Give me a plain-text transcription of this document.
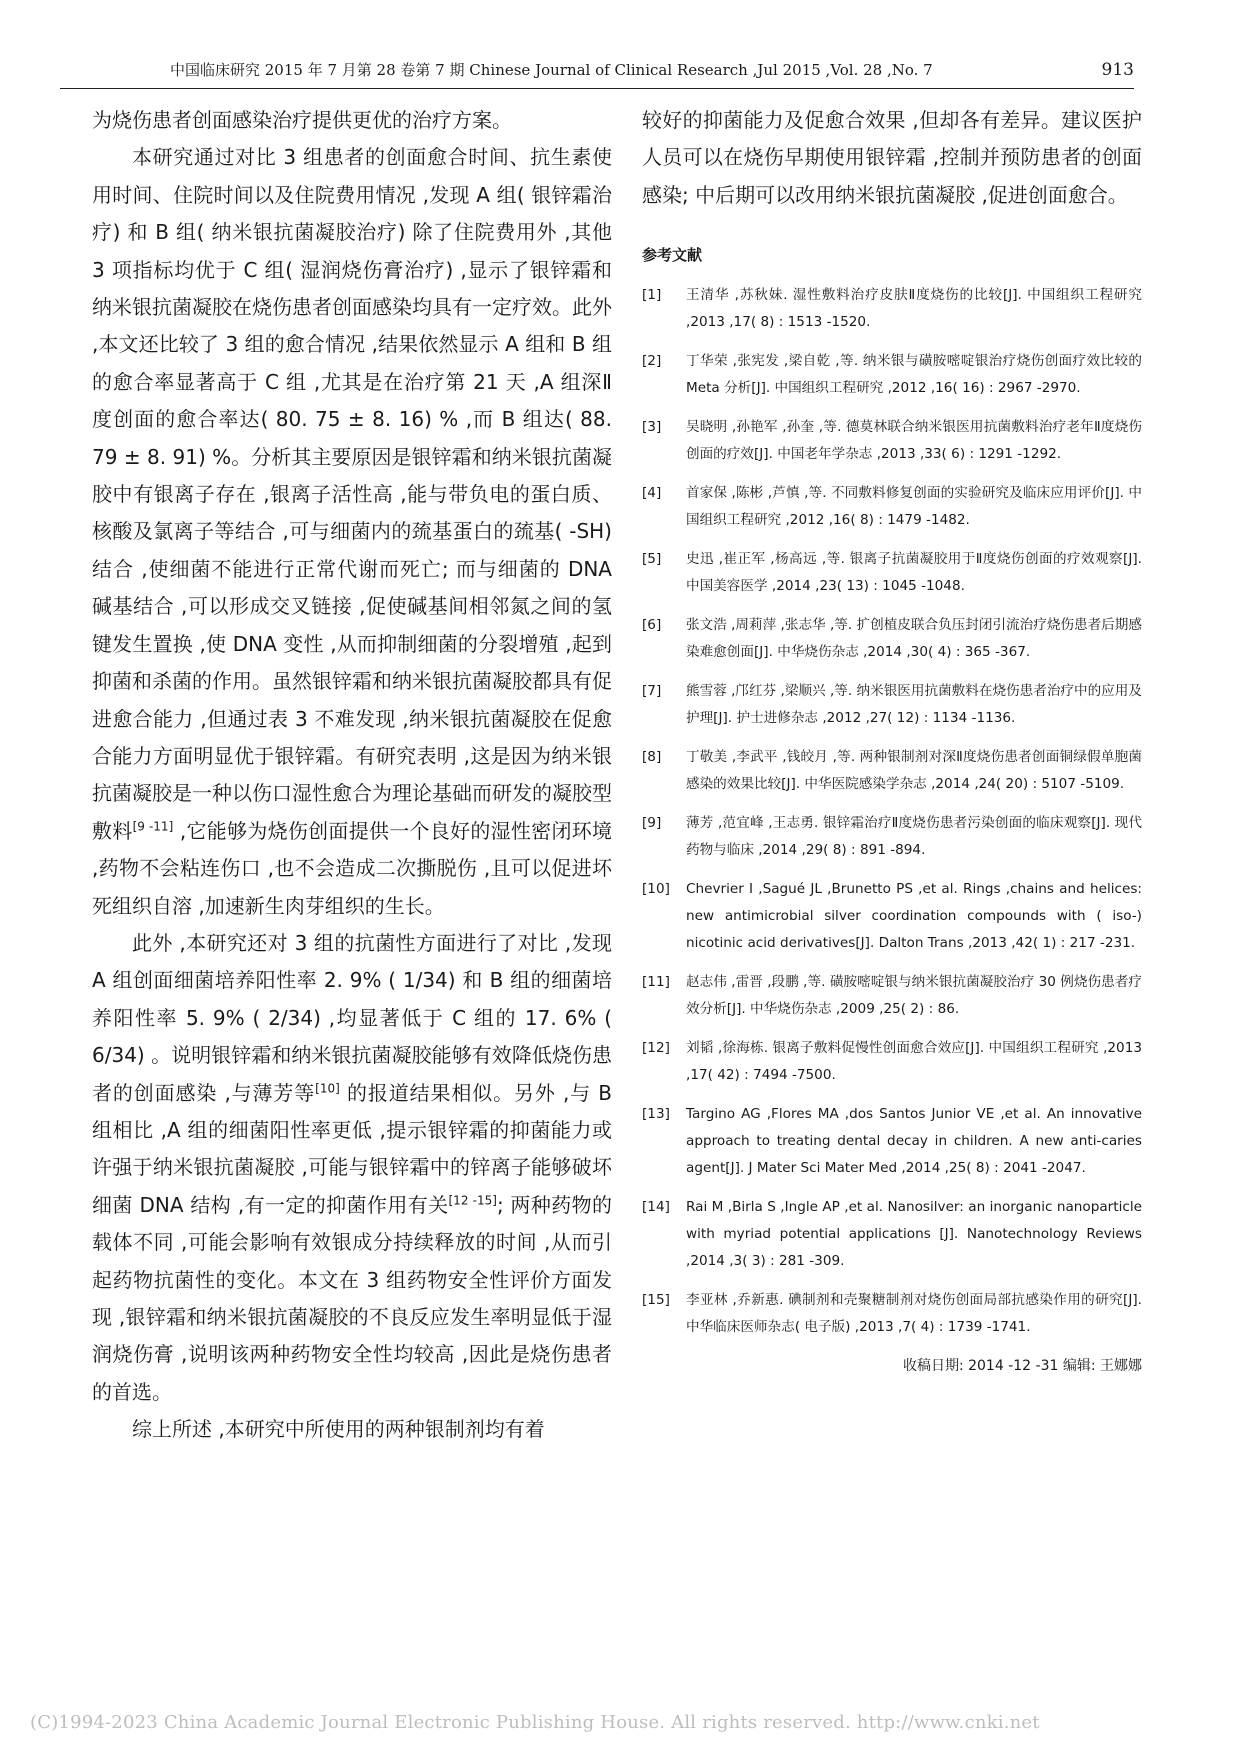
中国临床研究 2015 年 7 月第 28 卷第 7 期 Chinese Journal of Clinical Research ,Jul 2015 ,Vol. 28 ,No. 7	913

为烧伤患者创面感染治疗提供更优的治疗方案。

本研究通过对比 3 组患者的创面愈合时间、抗生素使用时间、住院时间以及住院费用情况 ,发现 A 组( 银锌霜治疗) 和 B 组( 纳米银抗菌凝胶治疗) 除了住院费用外 ,其他 3 项指标均优于 C 组( 湿润烧伤膏治疗) ,显示了银锌霜和纳米银抗菌凝胶在烧伤患者创面感染均具有一定疗效。此外 ,本文还比较了 3 组的愈合情况 ,结果依然显示 A 组和 B 组的愈合率显著高于 C 组 ,尤其是在治疗第 21 天 ,A 组深Ⅱ度创面的愈合率达( 80. 75 ± 8. 16) % ,而 B 组达( 88. 79 ± 8. 91) %。分析其主要原因是银锌霜和纳米银抗菌凝胶中有银离子存在 ,银离子活性高 ,能与带负电的蛋白质、核酸及氯离子等结合 ,可与细菌内的巯基蛋白的巯基( -SH) 结合 ,使细菌不能进行正常代谢而死亡; 而与细菌的 DNA 碱基结合 ,可以形成交叉链接 ,促使碱基间相邻氮之间的氢键发生置换 ,使 DNA 变性 ,从而抑制细菌的分裂增殖 ,起到抑菌和杀菌的作用。虽然银锌霜和纳米银抗菌凝胶都具有促进愈合能力 ,但通过表 3 不难发现 ,纳米银抗菌凝胶在促愈合能力方面明显优于银锌霜。有研究表明 ,这是因为纳米银抗菌凝胶是一种以伤口湿性愈合为理论基础而研发的凝胶型敷料[9 -11] ,它能够为烧伤创面提供一个良好的湿性密闭环境 ,药物不会粘连伤口 ,也不会造成二次撕脱伤 ,且可以促进坏死组织自溶 ,加速新生肉芽组织的生长。

此外 ,本研究还对 3 组的抗菌性方面进行了对比 ,发现 A 组创面细菌培养阳性率 2. 9% ( 1/34) 和 B 组的细菌培养阳性率 5. 9% ( 2/34) ,均显著低于 C 组的 17. 6% ( 6/34) 。说明银锌霜和纳米银抗菌凝胶能够有效降低烧伤患者的创面感染 ,与薄芳等[10] 的报道结果相似。另外 ,与 B 组相比 ,A 组的细菌阳性率更低 ,提示银锌霜的抑菌能力或许强于纳米银抗菌凝胶 ,可能与银锌霜中的锌离子能够破坏细菌 DNA 结构 ,有一定的抑菌作用有关[12 -15]; 两种药物的载体不同 ,可能会影响有效银成分持续释放的时间 ,从而引起药物抗菌性的变化。本文在 3 组药物安全性评价方面发现 ,银锌霜和纳米银抗菌凝胶的不良反应发生率明显低于湿润烧伤膏 ,说明该两种药物安全性均较高 ,因此是烧伤患者的首选。

综上所述 ,本研究中所使用的两种银制剂均有着

较好的抑菌能力及促愈合效果 ,但却各有差异。建议医护人员可以在烧伤早期使用银锌霜 ,控制并预防患者的创面感染; 中后期可以改用纳米银抗菌凝胶 ,促进创面愈合。

参考文献
[1] 王清华 ,苏秋妹. 湿性敷料治疗皮肤Ⅱ度烧伤的比较[J]. 中国组织工程研究 ,2013 ,17( 8) : 1513 -1520.
[2] 丁华荣 ,张宪发 ,梁自乾 ,等. 纳米银与磺胺嘧啶银治疗烧伤创面疗效比较的 Meta 分析[J]. 中国组织工程研究 ,2012 ,16( 16) : 2967 -2970.
[3] 吴晓明 ,孙艳军 ,孙奎 ,等. 德莫林联合纳米银医用抗菌敷料治疗老年Ⅱ度烧伤创面的疗效[J]. 中国老年学杂志 ,2013 ,33( 6) : 1291 -1292.
[4] 首家保 ,陈彬 ,芦慎 ,等. 不同敷料修复创面的实验研究及临床应用评价[J]. 中国组织工程研究 ,2012 ,16( 8) : 1479 -1482.
[5] 史迅 ,崔正军 ,杨高远 ,等. 银离子抗菌凝胶用于Ⅱ度烧伤创面的疗效观察[J]. 中国美容医学 ,2014 ,23( 13) : 1045 -1048.
[6] 张文浩 ,周莉萍 ,张志华 ,等. 扩创植皮联合负压封闭引流治疗烧伤患者后期感染难愈创面[J]. 中华烧伤杂志 ,2014 ,30( 4) : 365 -367.
[7] 熊雪蓉 ,邝红芬 ,梁顺兴 ,等. 纳米银医用抗菌敷料在烧伤患者治疗中的应用及护理[J]. 护士进修杂志 ,2012 ,27( 12) : 1134 -1136.
[8] 丁敬美 ,李武平 ,钱皎月 ,等. 两种银制剂对深Ⅱ度烧伤患者创面铜绿假单胞菌感染的效果比较[J]. 中华医院感染学杂志 ,2014 ,24( 20) : 5107 -5109.
[9] 薄芳 ,范宜峰 ,王志勇. 银锌霜治疗Ⅱ度烧伤患者污染创面的临床观察[J]. 现代药物与临床 ,2014 ,29( 8) : 891 -894.
[10] Chevrier I ,Sagué JL ,Brunetto PS ,et al. Rings ,chains and helices: new antimicrobial silver coordination compounds with ( iso-) nicotinic acid derivatives[J]. Dalton Trans ,2013 ,42( 1) : 217 -231.
[11] 赵志伟 ,雷晋 ,段鹏 ,等. 磺胺嘧啶银与纳米银抗菌凝胶治疗 30 例烧伤患者疗效分析[J]. 中华烧伤杂志 ,2009 ,25( 2) : 86.
[12] 刘韬 ,徐海栋. 银离子敷料促慢性创面愈合效应[J]. 中国组织工程研究 ,2013 ,17( 42) : 7494 -7500.
[13] Targino AG ,Flores MA ,dos Santos Junior VE ,et al. An innovative approach to treating dental decay in children. A new anti-caries agent[J]. J Mater Sci Mater Med ,2014 ,25( 8) : 2041 -2047.
[14] Rai M ,Birla S ,Ingle AP ,et al. Nanosilver: an inorganic nanoparticle with myriad potential applications [J]. Nanotechnology Reviews ,2014 ,3( 3) : 281 -309.
[15] 李亚林 ,乔新惠. 碘制剂和壳聚糖制剂对烧伤创面局部抗感染作用的研究[J]. 中华临床医师杂志( 电子版) ,2013 ,7( 4) : 1739 -1741.
收稿日期: 2014 -12 -31 编辑: 王娜娜
(C)1994-2023 China Academic Journal Electronic Publishing House. All rights reserved. http://www.cnki.net
